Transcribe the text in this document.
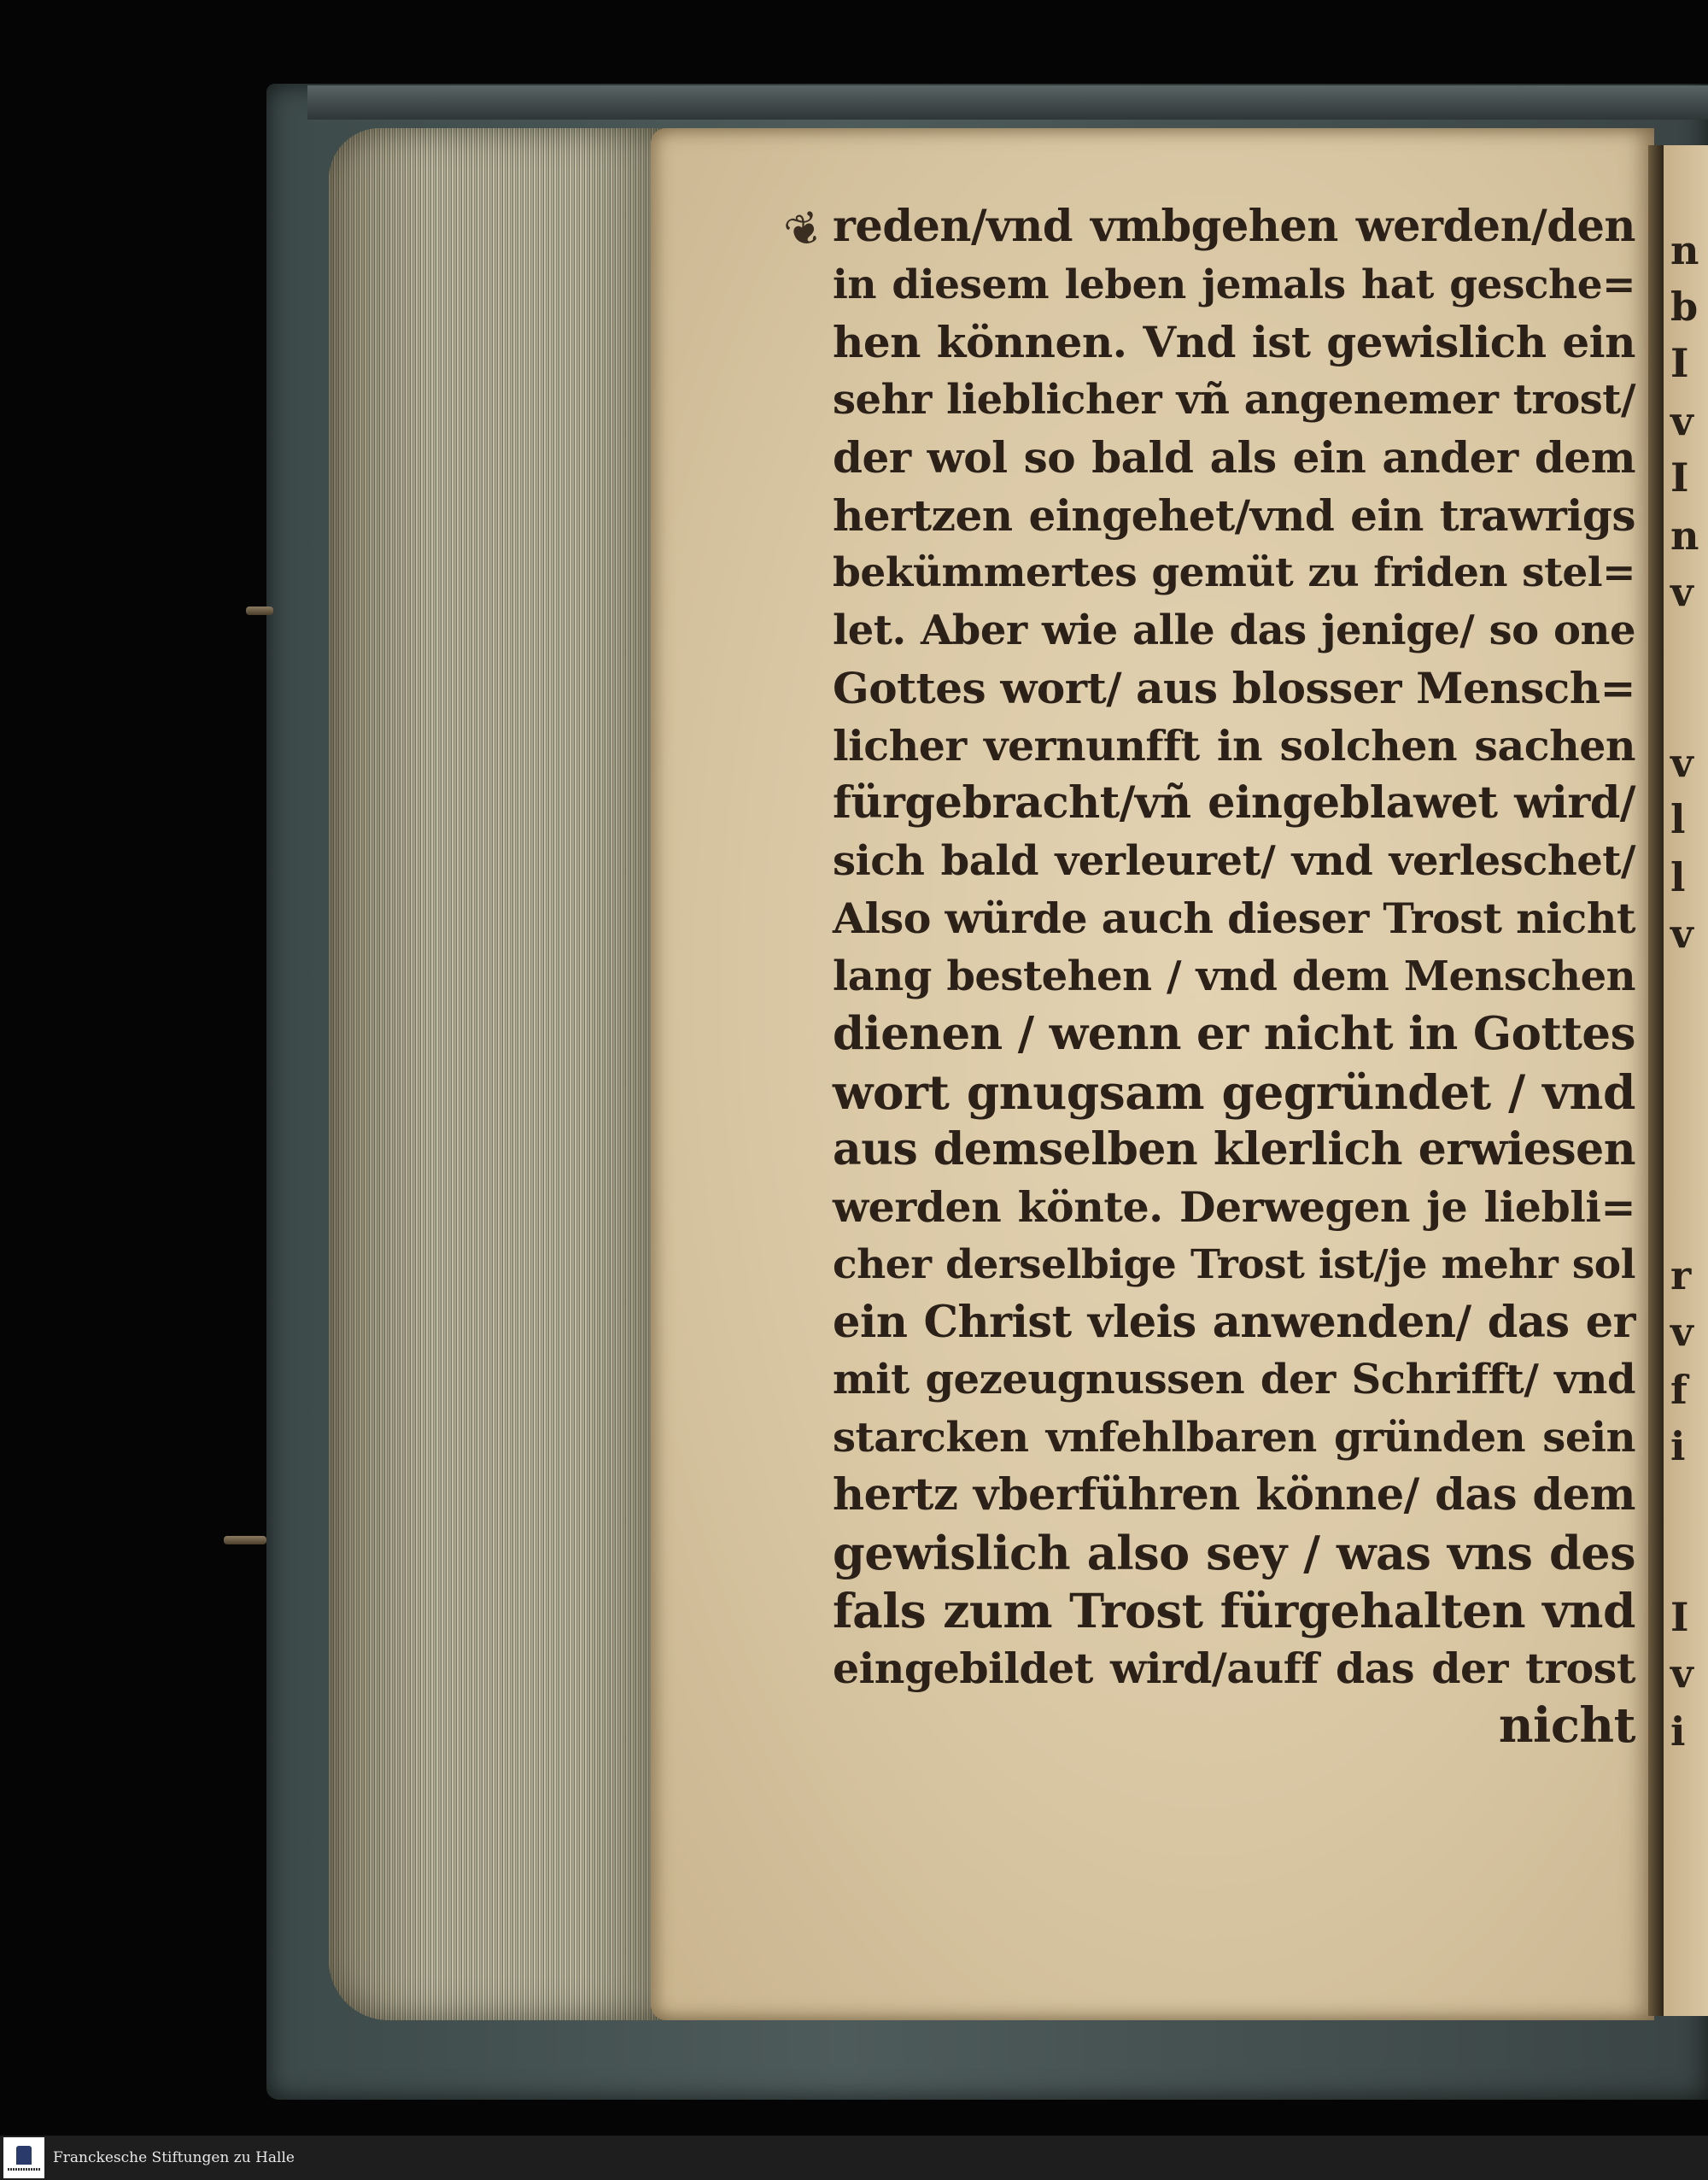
n
b
I
v
I
n
v
v
l
l
v
r
v
f
i
I
v
i
❦ reden/vnd vmbgehen werden/den
in diesem leben jemals hat gesche=
hen können. Vnd ist gewislich ein
sehr lieblicher vñ angenemer trost/
der wol so bald als ein ander dem
hertzen eingehet/vnd ein trawrigs
bekümmertes gemüt zu friden stel=
let. Aber wie alle das jenige/ so one
Gottes wort/ aus blosser Mensch=
licher vernunfft in solchen sachen
fürgebracht/vñ eingeblawet wird/
sich bald verleuret/ vnd verleschet/
Also würde auch dieser Trost nicht
lang bestehen / vnd dem Menschen
dienen / wenn er nicht in Gottes
wort gnugsam gegründet / vnd
aus demselben klerlich erwiesen
werden könte. Derwegen je liebli=
cher derselbige Trost ist/je mehr sol
ein Christ vleis anwenden/ das er
mit gezeugnussen der Schrifft/ vnd
starcken vnfehlbaren gründen sein
hertz vberführen könne/ das dem
gewislich also sey / was vns des
fals zum Trost fürgehalten vnd
eingebildet wird/auff das der trost
nicht
Franckesche Stiftungen zu Halle
